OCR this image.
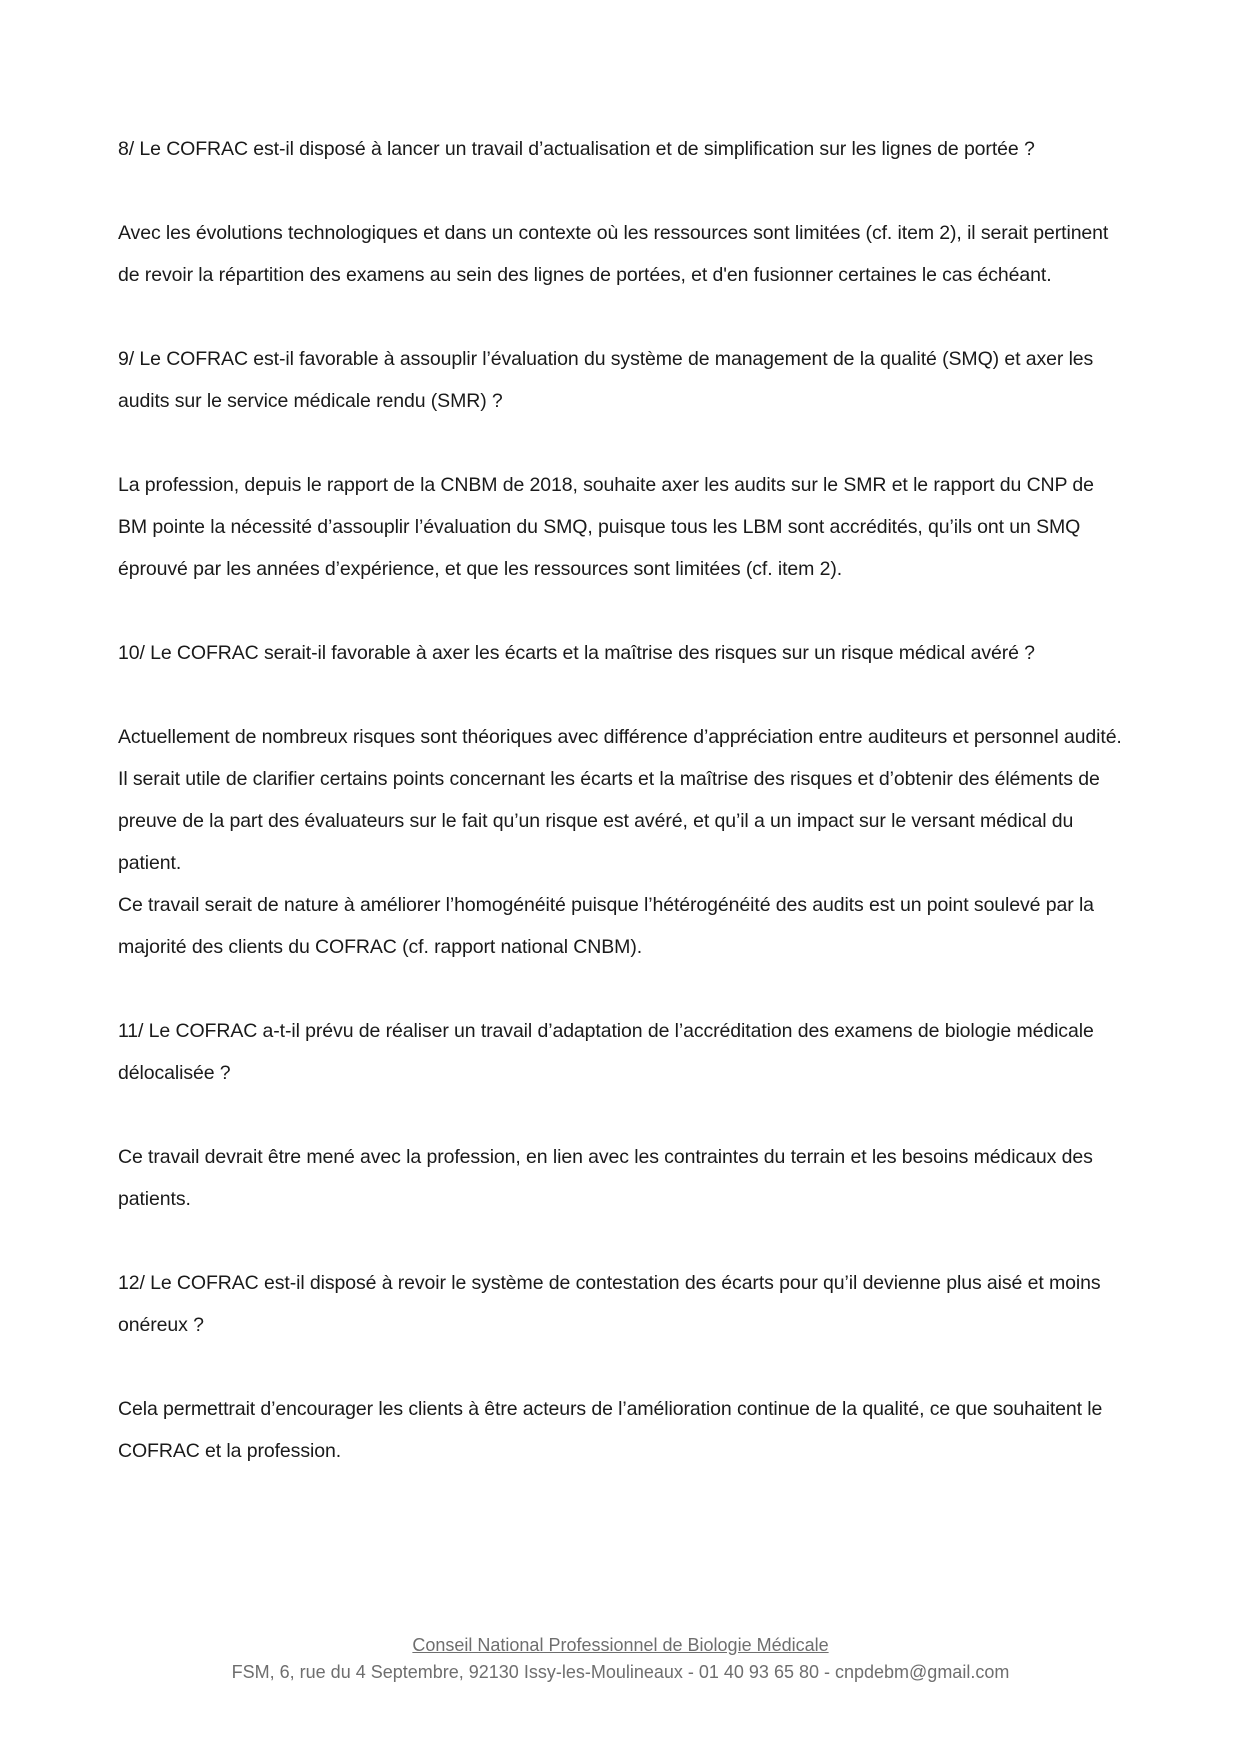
8/ Le COFRAC est-il disposé à lancer un travail d’actualisation et de simplification sur les lignes de portée ?

Avec les évolutions technologiques et dans un contexte où les ressources sont limitées (cf. item 2), il serait pertinent de revoir la répartition des examens au sein des lignes de portées, et d'en fusionner certaines le cas échéant.

9/ Le COFRAC est-il favorable à assouplir l’évaluation du système de management de la qualité (SMQ) et axer les audits sur le service médicale rendu (SMR) ?

La profession, depuis le rapport de la CNBM de 2018, souhaite axer les audits sur le SMR et le rapport du CNP de BM pointe la nécessité d’assouplir l’évaluation du SMQ, puisque tous les LBM sont accrédités, qu’ils ont un SMQ éprouvé par les années d’expérience, et que les ressources sont limitées (cf. item 2).

10/ Le COFRAC serait-il favorable à axer les écarts et la maîtrise des risques sur un risque médical avéré ?

Actuellement de nombreux risques sont théoriques avec différence d’appréciation entre auditeurs et personnel audité. Il serait utile de clarifier certains points concernant les écarts et la maîtrise des risques et d’obtenir des éléments de preuve de la part des évaluateurs sur le fait qu’un risque est avéré, et qu’il a un impact sur le versant médical du patient.

Ce travail serait de nature à améliorer l’homogénéité puisque l’hétérogénéité des audits est un point soulevé par la majorité des clients du COFRAC (cf. rapport national CNBM).

11/ Le COFRAC a-t-il prévu de réaliser un travail d’adaptation de l’accréditation des examens de biologie médicale délocalisée ?

Ce travail devrait être mené avec la profession, en lien avec les contraintes du terrain et les besoins médicaux des patients.

12/ Le COFRAC est-il disposé à revoir le système de contestation des écarts pour qu’il devienne plus aisé et moins onéreux ?

Cela permettrait d’encourager les clients à être acteurs de l’amélioration continue de la qualité, ce que souhaitent le COFRAC et la profession.

Conseil National Professionnel de Biologie Médicale
FSM, 6, rue du 4 Septembre, 92130 Issy-les-Moulineaux - 01 40 93 65 80 - cnpdebm@gmail.com
